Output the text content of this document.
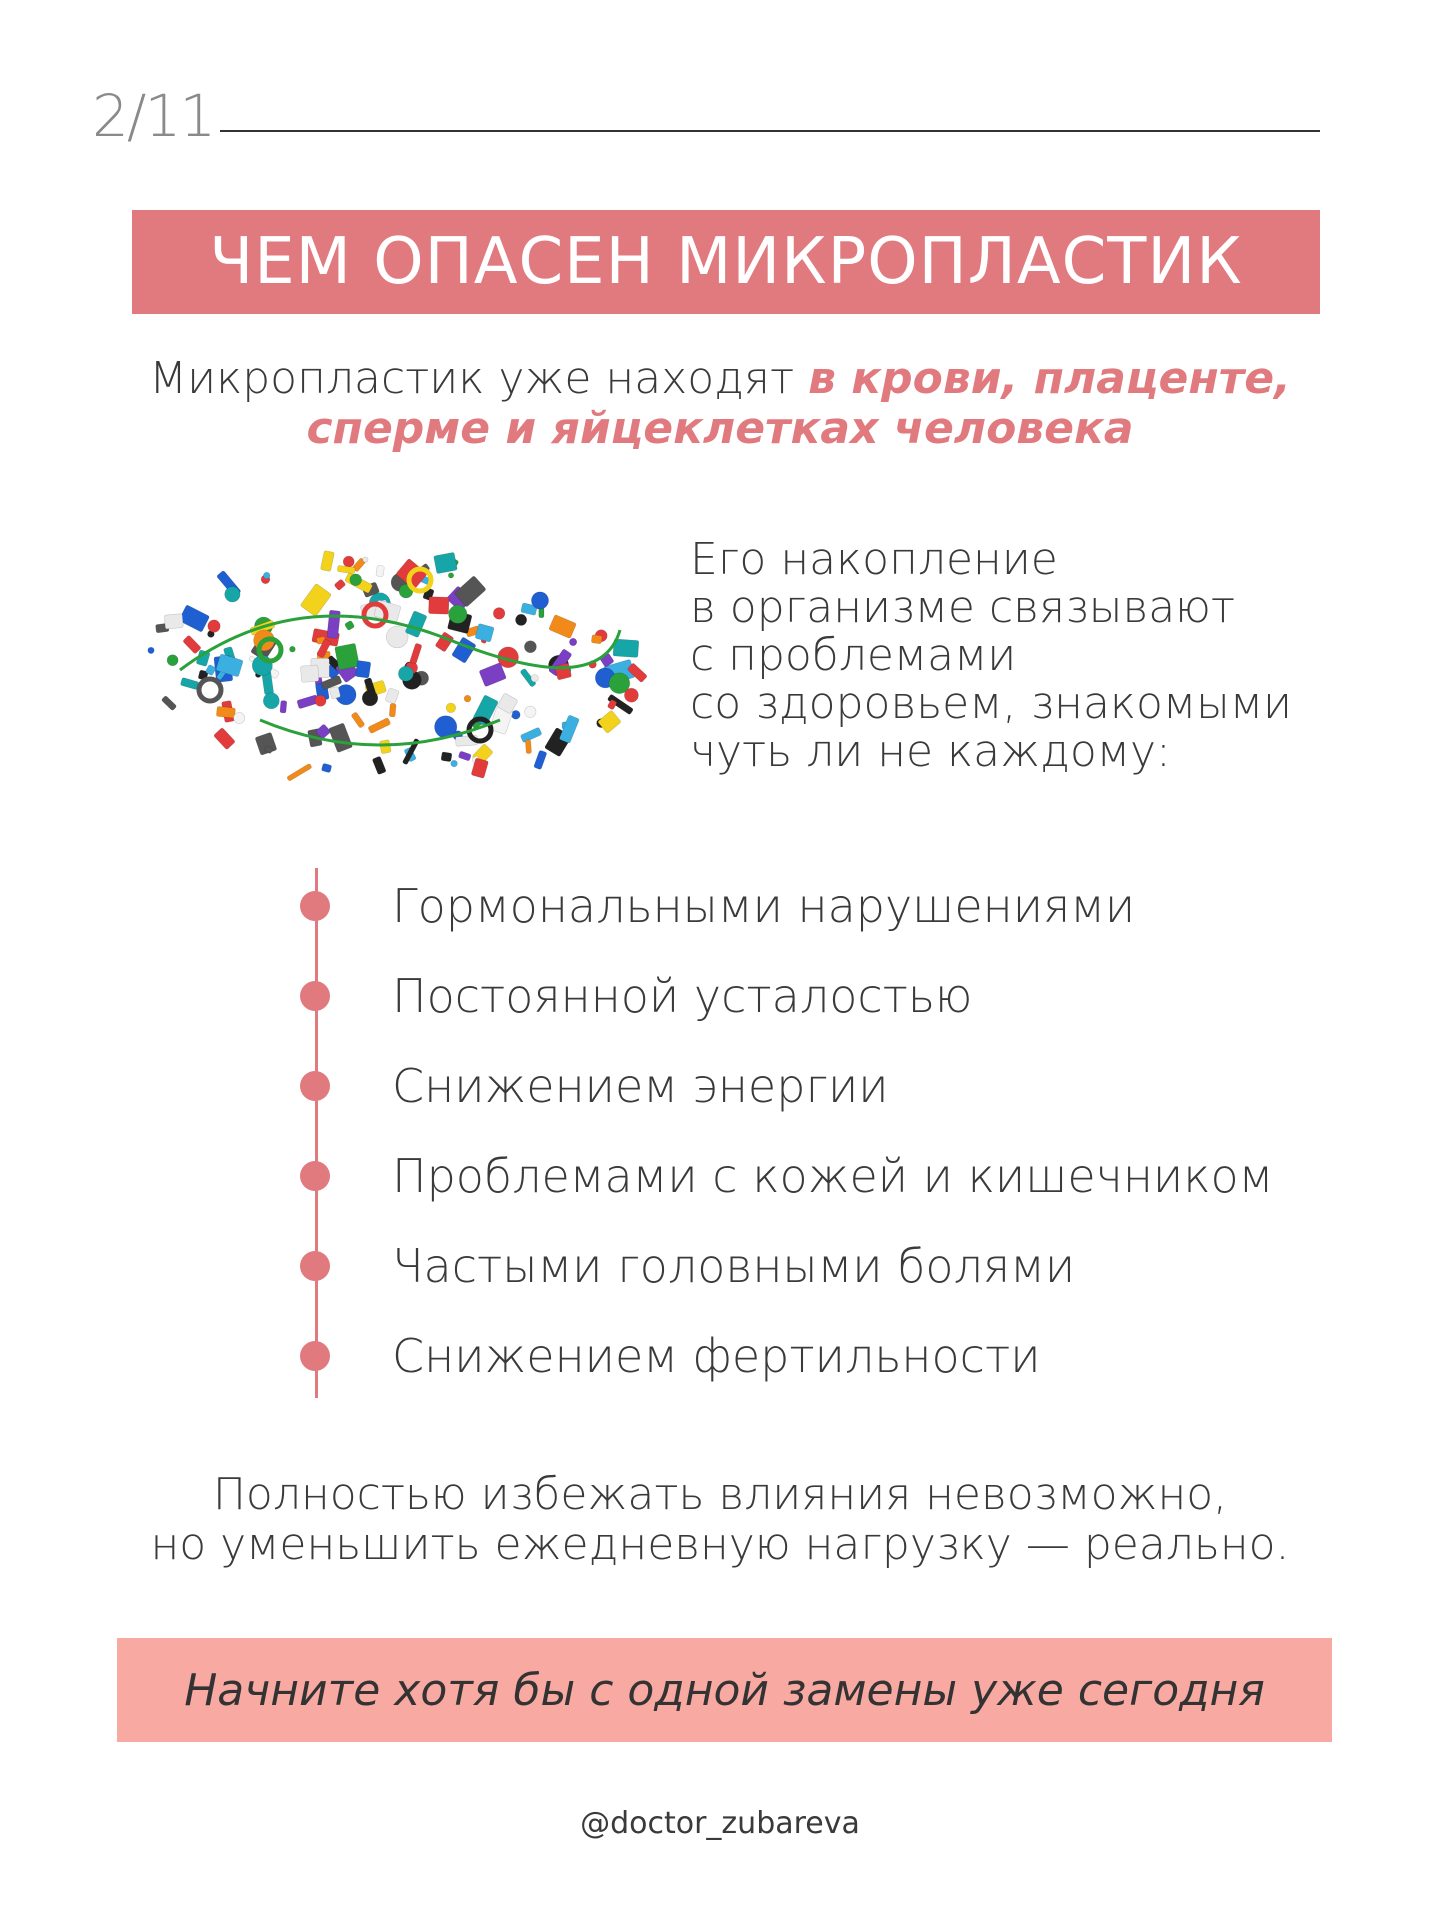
2/11
ЧЕМ ОПАСЕН МИКРОПЛАСТИК
Микропластик уже находят в крови, плаценте,
сперме и яйцеклетках человека
Его накопление
в организме связывают
с проблемами
со здоровьем, знакомыми
чуть ли не каждому:
Гормональными нарушениями
Постоянной усталостью
Снижением энергии
Проблемами с кожей и кишечником
Частыми головными болями
Снижением фертильности
Полностью избежать влияния невозможно,
но уменьшить ежедневную нагрузку — реально.
Начните хотя бы с одной замены уже сегодня
@doctor_zubareva
